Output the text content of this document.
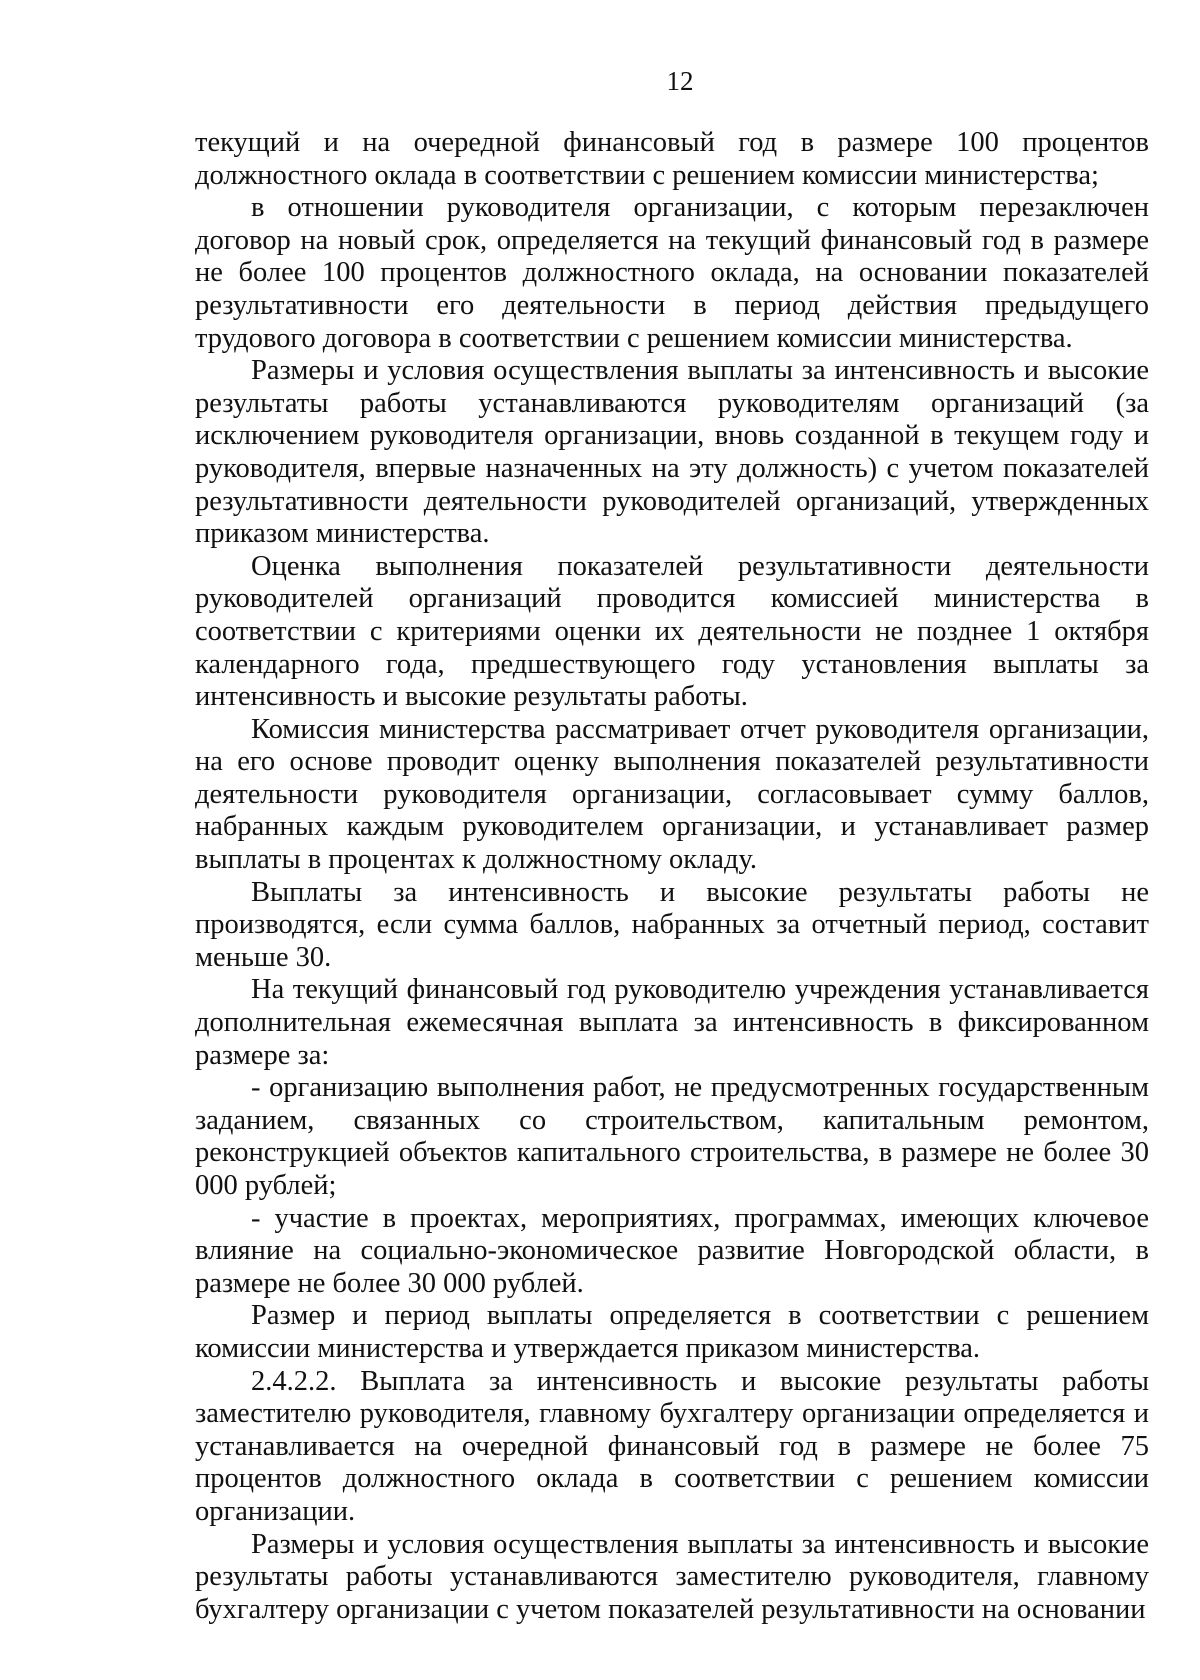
12

текущий и на очередной финансовый год в размере 100 процентов должностного оклада в соответствии с решением комиссии министерства;

в отношении руководителя организации, с которым перезаключен договор на новый срок, определяется на текущий финансовый год в размере не более 100 процентов должностного оклада, на основании показателей результативности его деятельности в период действия предыдущего трудового договора в соответствии с решением комиссии министерства.

Размеры и условия осуществления выплаты за интенсивность и высокие результаты работы устанавливаются руководителям организаций (за исключением руководителя организации, вновь созданной в текущем году и руководителя, впервые назначенных на эту должность) с учетом показателей результативности деятельности руководителей организаций, утвержденных приказом министерства.

Оценка выполнения показателей результативности деятельности руководителей организаций проводится комиссией министерства в соответствии с критериями оценки их деятельности не позднее 1 октября календарного года, предшествующего году установления выплаты за интенсивность и высокие результаты работы.

Комиссия министерства рассматривает отчет руководителя организации, на его основе проводит оценку выполнения показателей результативности деятельности руководителя организации, согласовывает сумму баллов, набранных каждым руководителем организации, и устанавливает размер выплаты в процентах к должностному окладу.

Выплаты за интенсивность и высокие результаты работы не производятся, если сумма баллов, набранных за отчетный период, составит меньше 30.

На текущий финансовый год руководителю учреждения устанавливается дополнительная ежемесячная выплата за интенсивность в фиксированном размере за:

- организацию выполнения работ, не предусмотренных государственным заданием, связанных со строительством, капитальным ремонтом, реконструкцией объектов капитального строительства, в размере не более 30 000 рублей;

- участие в проектах, мероприятиях, программах, имеющих ключевое влияние на социально-экономическое развитие Новгородской области, в размере не более 30 000 рублей.

Размер и период выплаты определяется в соответствии с решением комиссии министерства и утверждается приказом министерства.

2.4.2.2. Выплата за интенсивность и высокие результаты работы заместителю руководителя, главному бухгалтеру организации определяется и устанавливается на очередной финансовый год в размере не более 75 процентов должностного оклада в соответствии с решением комиссии организации.

Размеры и условия осуществления выплаты за интенсивность и высокие результаты работы устанавливаются заместителю руководителя, главному бухгалтеру организации с учетом показателей результативности на основании
